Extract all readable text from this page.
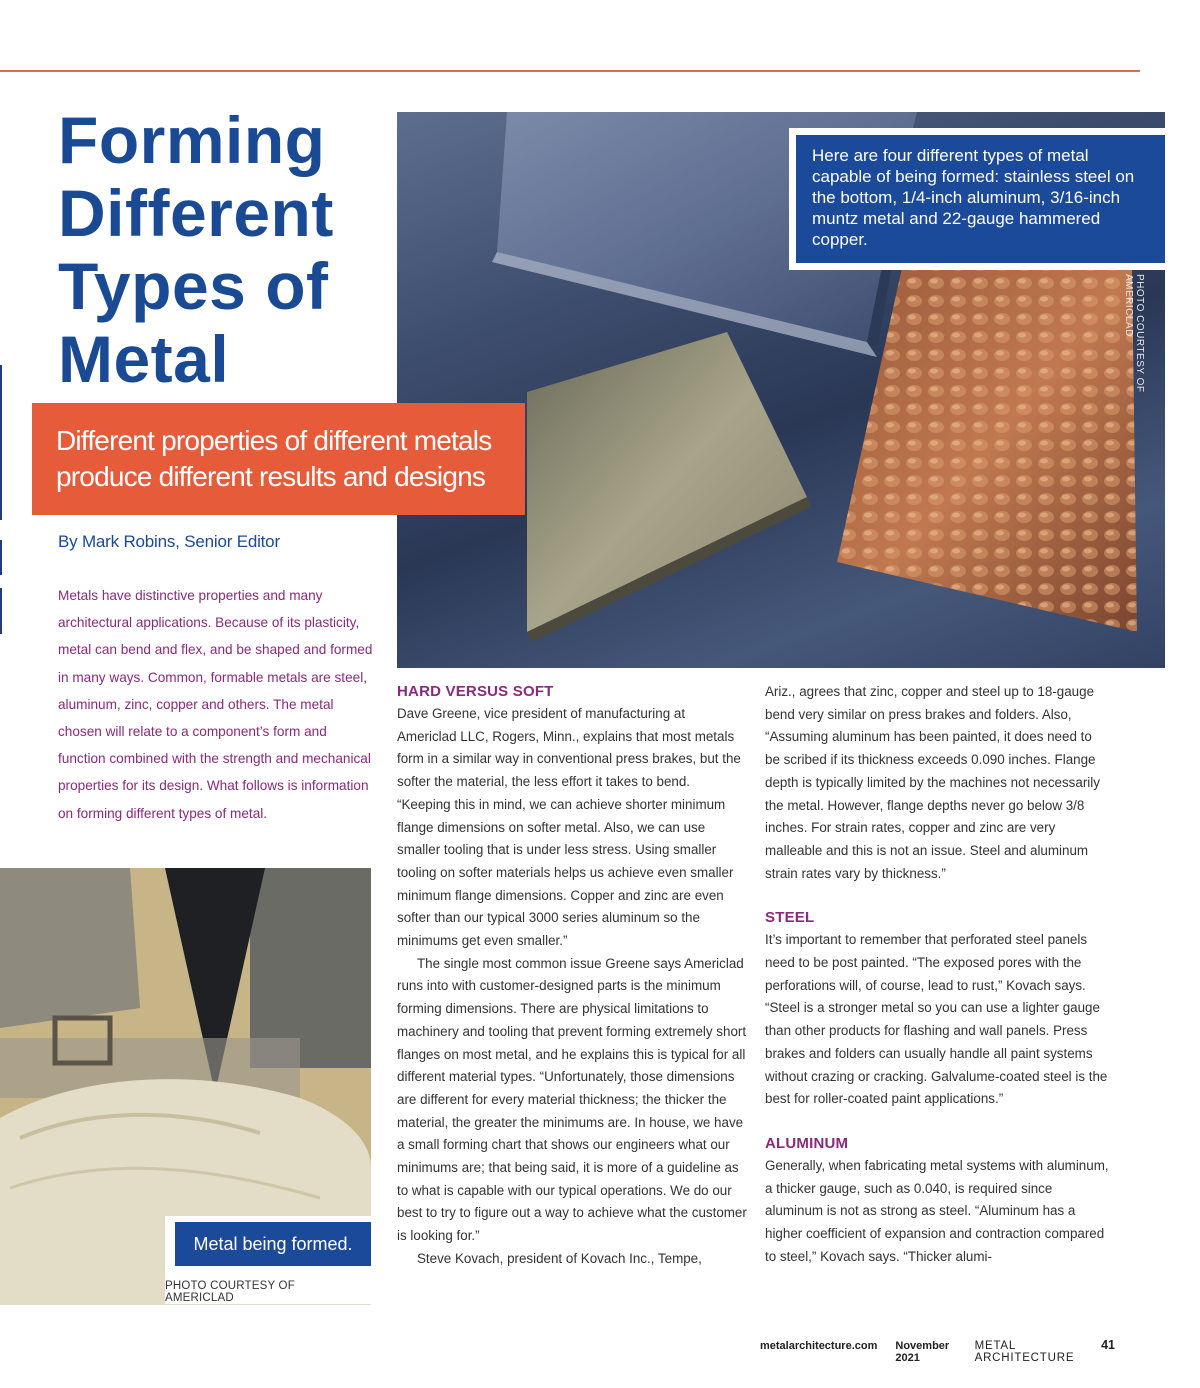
Forming
Different
Types of
Metal
Here are four different types of metal capable of being formed: stainless steel on the bottom, 1/4-inch aluminum, 3/16-inch muntz metal and 22-gauge hammered copper.
PHOTO COURTESY OF AMERICLAD
Different properties of different metals
produce different results and designs
By Mark Robins, Senior Editor

Metals have distinctive properties and many architectural applications. Because of its plasticity, metal can bend and flex, and be shaped and formed in many ways. Common, formable metals are steel, aluminum, zinc, copper and others. The metal chosen will relate to a component’s form and function combined with the strength and mechanical properties for its design. What follows is information on forming different types of metal.

Metal being formed.
PHOTO COURTESY OF AMERICLAD
HARD VERSUS SOFT

Dave Greene, vice president of manufacturing at Americlad LLC, Rogers, Minn., explains that most metals form in a similar way in conventional press brakes, but the softer the material, the less effort it takes to bend. “Keeping this in mind, we can achieve shorter minimum flange dimensions on softer metal. Also, we can use smaller tooling that is under less stress. Using smaller tooling on softer materials helps us achieve even smaller minimum flange dimensions. Copper and zinc are even softer than our typical 3000 series aluminum so the minimums get even smaller.”

The single most common issue Greene says Americlad runs into with customer-designed parts is the minimum forming dimensions. There are physical limitations to machinery and tooling that prevent forming extremely short flanges on most metal, and he explains this is typical for all different material types. “Unfortunately, those dimensions are different for every material thickness; the thicker the material, the greater the minimums are. In house, we have a small forming chart that shows our engineers what our minimums are; that being said, it is more of a guideline as to what is capable with our typical operations. We do our best to try to figure out a way to achieve what the customer is looking for.”

Steve Kovach, president of Kovach Inc., Tempe,

Ariz., agrees that zinc, copper and steel up to 18-gauge bend very similar on press brakes and folders. Also, “Assuming aluminum has been painted, it does need to be scribed if its thickness exceeds 0.090 inches. Flange depth is typically limited by the machines not necessarily the metal. However, flange depths never go below 3/8 inches. For strain rates, copper and zinc are very malleable and this is not an issue. Steel and aluminum strain rates vary by thickness.”

STEEL

It’s important to remember that perforated steel panels need to be post painted. “The exposed pores with the perforations will, of course, lead to rust,” Kovach says. “Steel is a stronger metal so you can use a lighter gauge than other products for flashing and wall panels. Press brakes and folders can usually handle all paint systems without crazing or cracking. Galvalume-coated steel is the best for roller-coated paint applications.”

ALUMINUM

Generally, when fabricating metal systems with aluminum, a thicker gauge, such as 0.040, is required since aluminum is not as strong as steel. “Aluminum has a higher coefficient of expansion and contraction compared to steel,” Kovach says. “Thicker alumi-

metalarchitecture.com November 2021
METAL ARCHITECTURE
41
